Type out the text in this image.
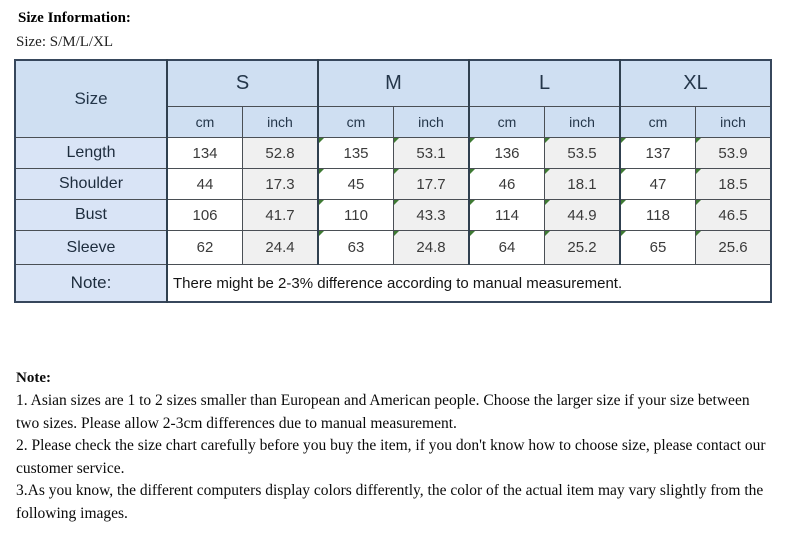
Size Information:
Size: S/M/L/XL
Size	S		M		L		XL	
	cm	inch	cm	inch	cm	inch	cm	inch
Length	134	52.8	135	53.1	136	53.5	137	53.9
Shoulder	44	17.3	45	17.7	46	18.1	47	18.5
Bust	106	41.7	110	43.3	114	44.9	118	46.5
Sleeve	62	24.4	63	24.8	64	25.2	65	25.6
Note:	There might be 2-3% difference according to manual measurement.							
Note:

1. Asian sizes are 1 to 2 sizes smaller than European and American people. Choose the larger size if your size between two sizes. Please allow 2-3cm differences due to manual measurement.

2. Please check the size chart carefully before you buy the item, if you don't know how to choose size, please contact our customer service.

3.As you know, the different computers display colors differently, the color of the actual item may vary slightly from the following images.
